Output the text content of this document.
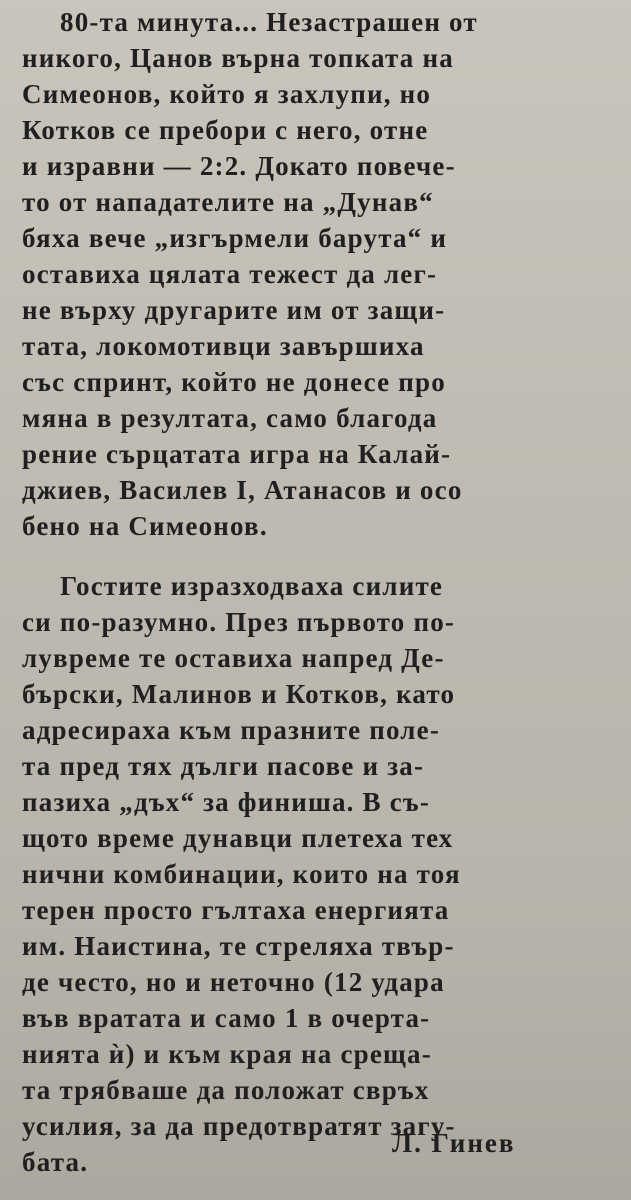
80-та минута... Незастрашен от
никого, Цанов върна топката на
Симеонов, който я захлупи, но
Котков се пребори с него, отне
и изравни — 2:2. Докато повече-
то от нападателите на „Дунав“
бяха вече „изгърмели барута“ и
оставиха цялата тежест да лег-
не върху другарите им от защи-
тата, локомотивци завършиха
със спринт, който не донесе про
мяна в резултата, само благода
рение сърцатата игра на Калай-
джиев, Василев I, Атанасов и осо
бено на Симеонов.
Гостите изразходваха силите
си по-разумно. През първото по-
лувреме те оставиха напред Де-
бърски, Малинов и Котков, като
адресираха към празните поле-
та пред тях дълги пасове и за-
пазиха „дъх“ за финиша. В съ-
щото време дунавци плетеха тех
нични комбинации, които на тоя
терен просто гълтаха енергията
им. Наистина, те стреляха твър-
де често, но и неточно (12 удара
във вратата и само 1 в очерта-
нията ѝ) и към края на среща-
та трябваше да положат свръх
усилия, за да предотвратят загу-
бата.
Л. Гинев
